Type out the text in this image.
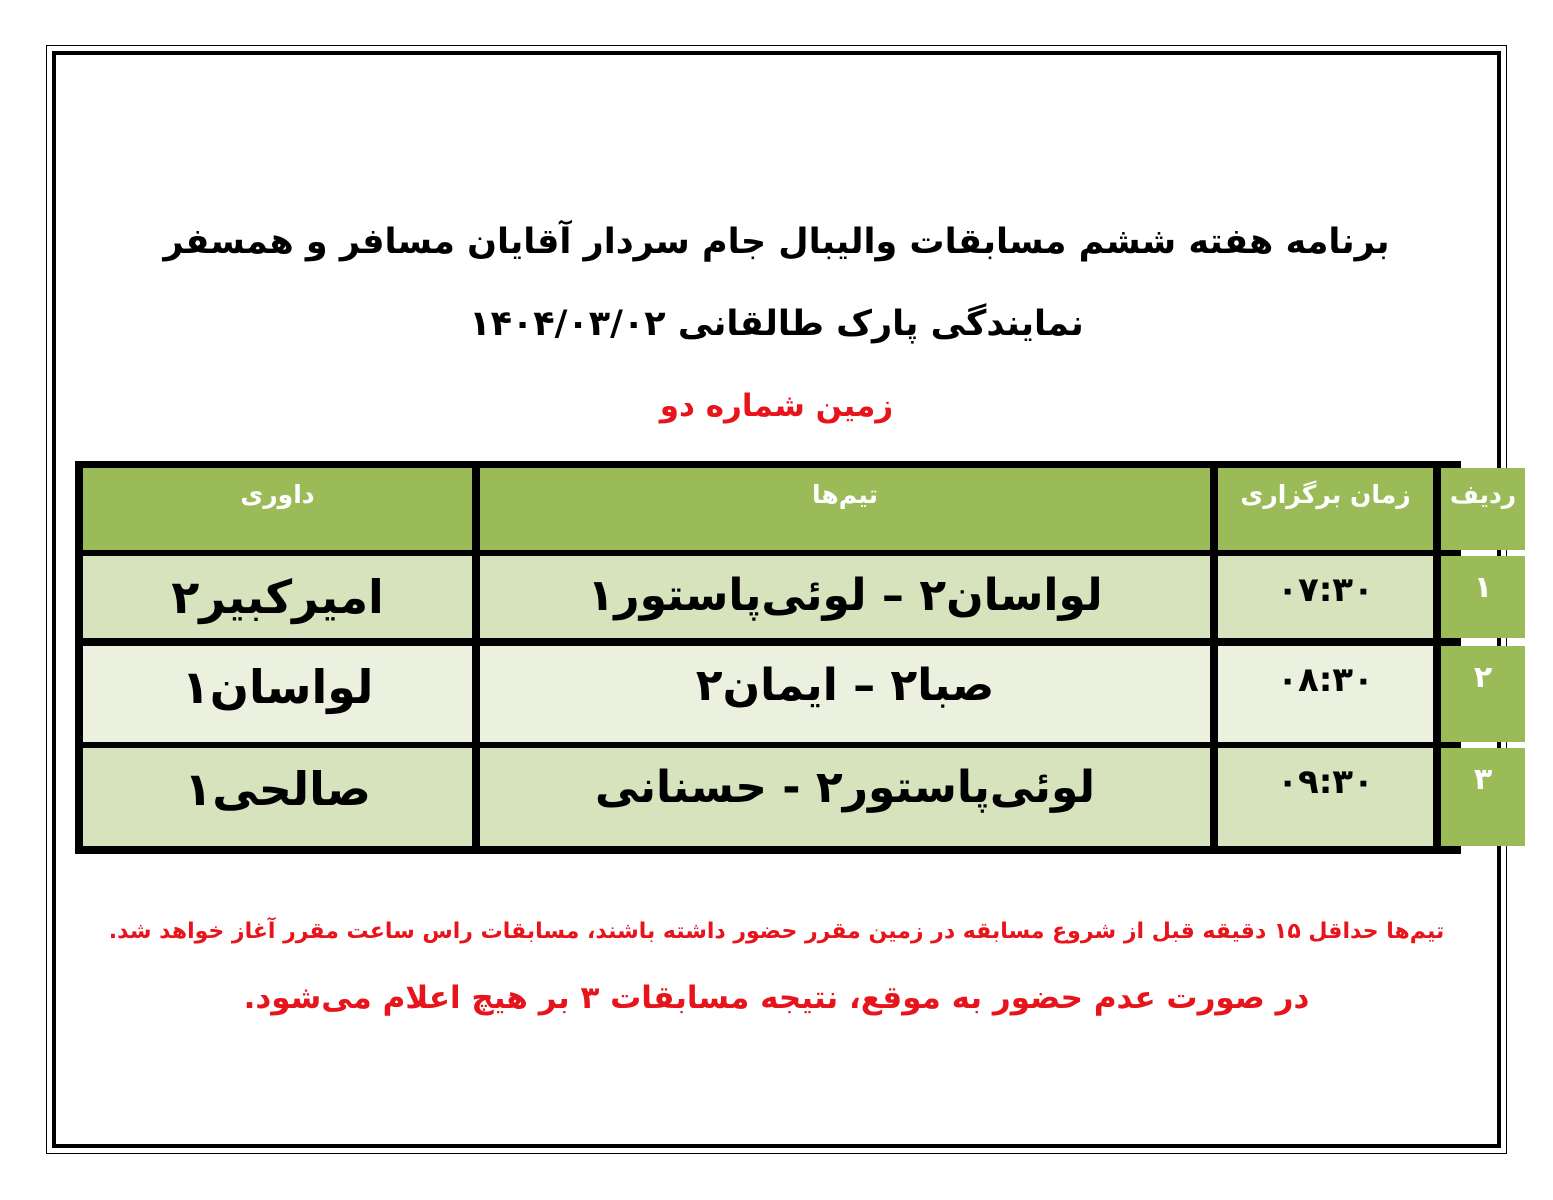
برنامه هفته ششم مسابقات والیبال جام سردار آقایان مسافر و همسفر
نمایندگی پارک طالقانی ۱۴۰۴/۰۳/۰۲
زمین شماره دو
داوری	تیم‌ها	زمان برگزاری	ردیف
امیرکبیر۲	لواسان۲ – لوئی‌پاستور۱	۰۷:۳۰	۱
لواسان۱	صبا۲ – ایمان۲	۰۸:۳۰	۲
صالحی۱	لوئی‌پاستور۲ - حسنانی	۰۹:۳۰	۳
تیم‌ها حداقل ۱۵ دقیقه قبل از شروع مسابقه در زمین مقرر حضور داشته باشند، مسابقات راس ساعت مقرر آغاز خواهد شد.
در صورت عدم حضور به موقع، نتیجه مسابقات ۳ بر هیچ اعلام می‌شود.
